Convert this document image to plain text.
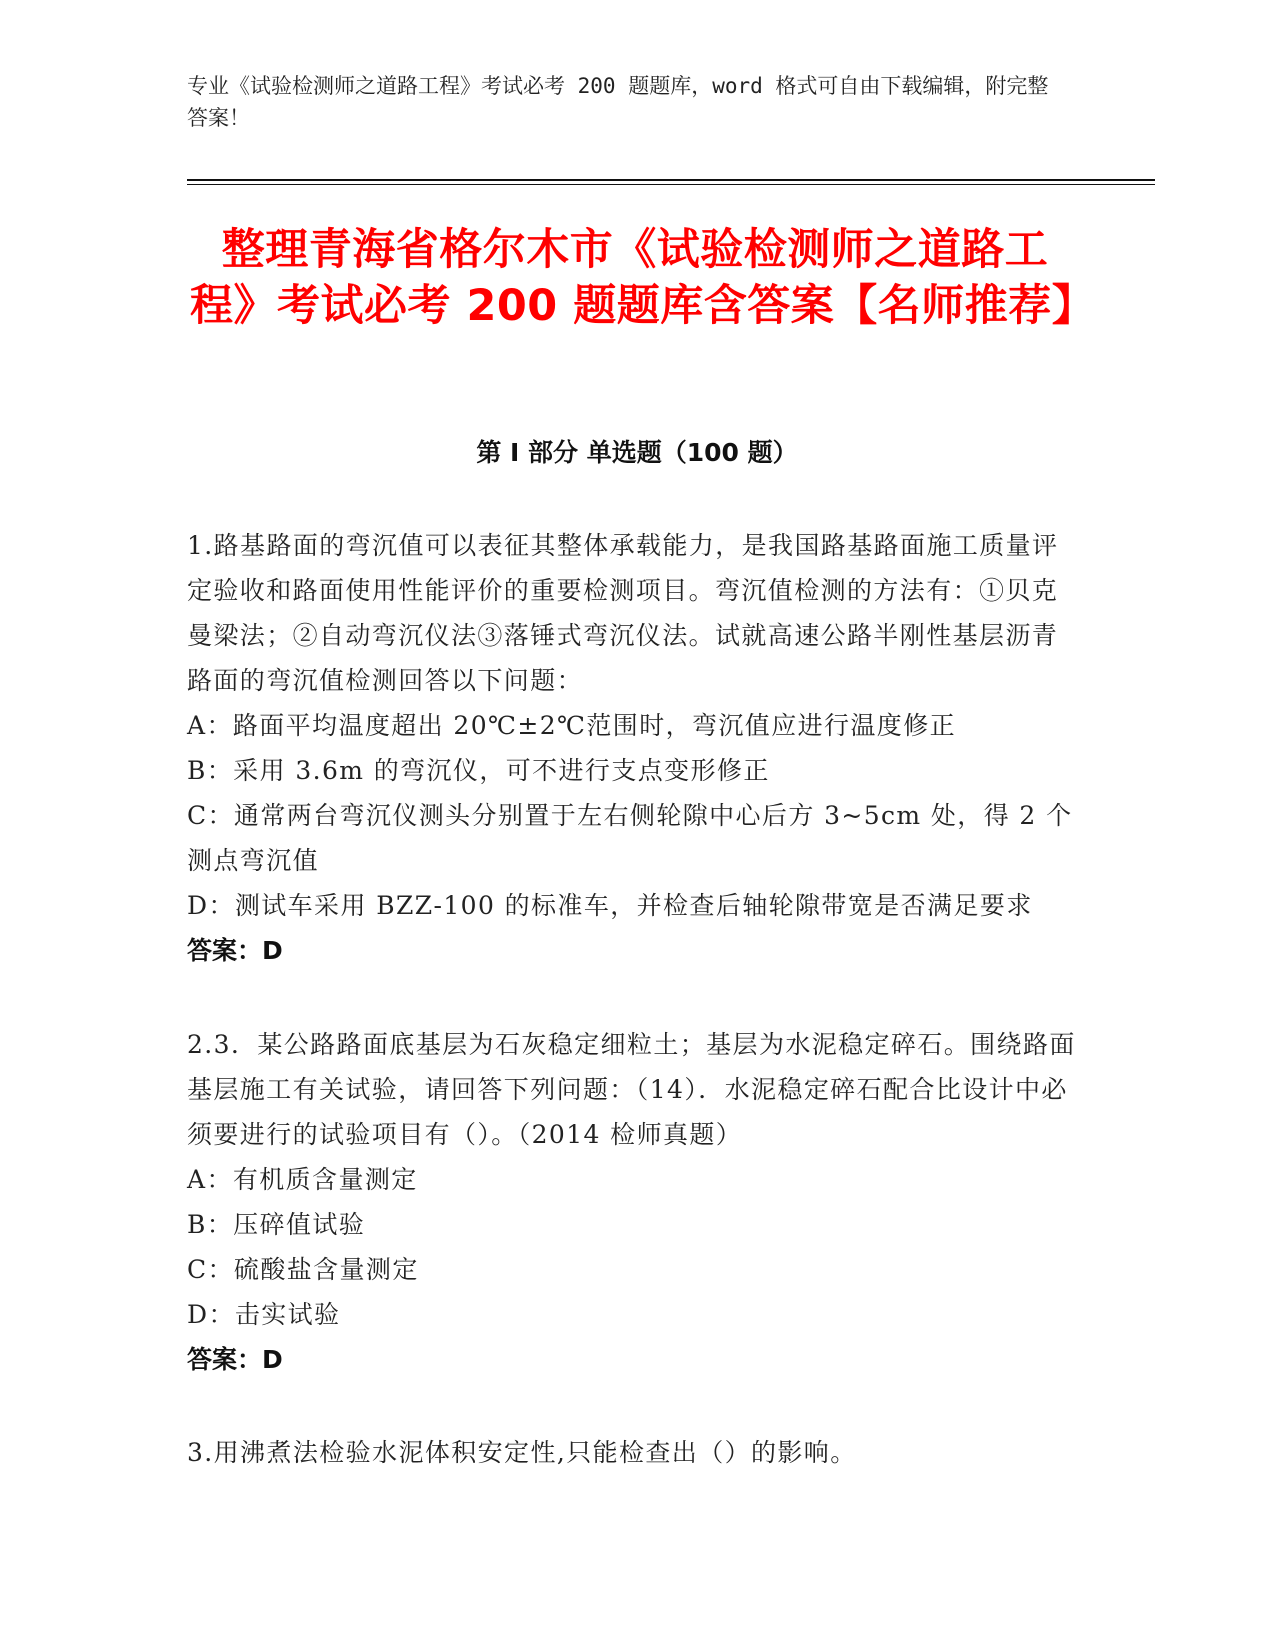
专业《试验检测师之道路工程》考试必考 200 题题库，word 格式可自由下载编辑，附完整答案！
整理青海省格尔木市《试验检测师之道路工程》考试必考 200 题题库含答案【名师推荐】
第 I 部分 单选题（100 题）
1.路基路面的弯沉值可以表征其整体承载能力，是我国路基路面施工质量评定验收和路面使用性能评价的重要检测项目。弯沉值检测的方法有：①贝克曼梁法；②自动弯沉仪法③落锤式弯沉仪法。试就高速公路半刚性基层沥青路面的弯沉值检测回答以下问题：
A：路面平均温度超出 20℃±2℃范围时，弯沉值应进行温度修正
B：采用 3.6m 的弯沉仪，可不进行支点变形修正
C：通常两台弯沉仪测头分别置于左右侧轮隙中心后方 3~5cm 处，得 2 个测点弯沉值
D：测试车采用 BZZ-100 的标准车，并检查后轴轮隙带宽是否满足要求
答案：D
2.3．某公路路面底基层为石灰稳定细粒土；基层为水泥稳定碎石。围绕路面基层施工有关试验，请回答下列问题：（14）．水泥稳定碎石配合比设计中必须要进行的试验项目有（）。（2014 检师真题）
A：有机质含量测定
B：压碎值试验
C：硫酸盐含量测定
D：击实试验
答案：D
3.用沸煮法检验水泥体积安定性,只能检查出（）的影响。
